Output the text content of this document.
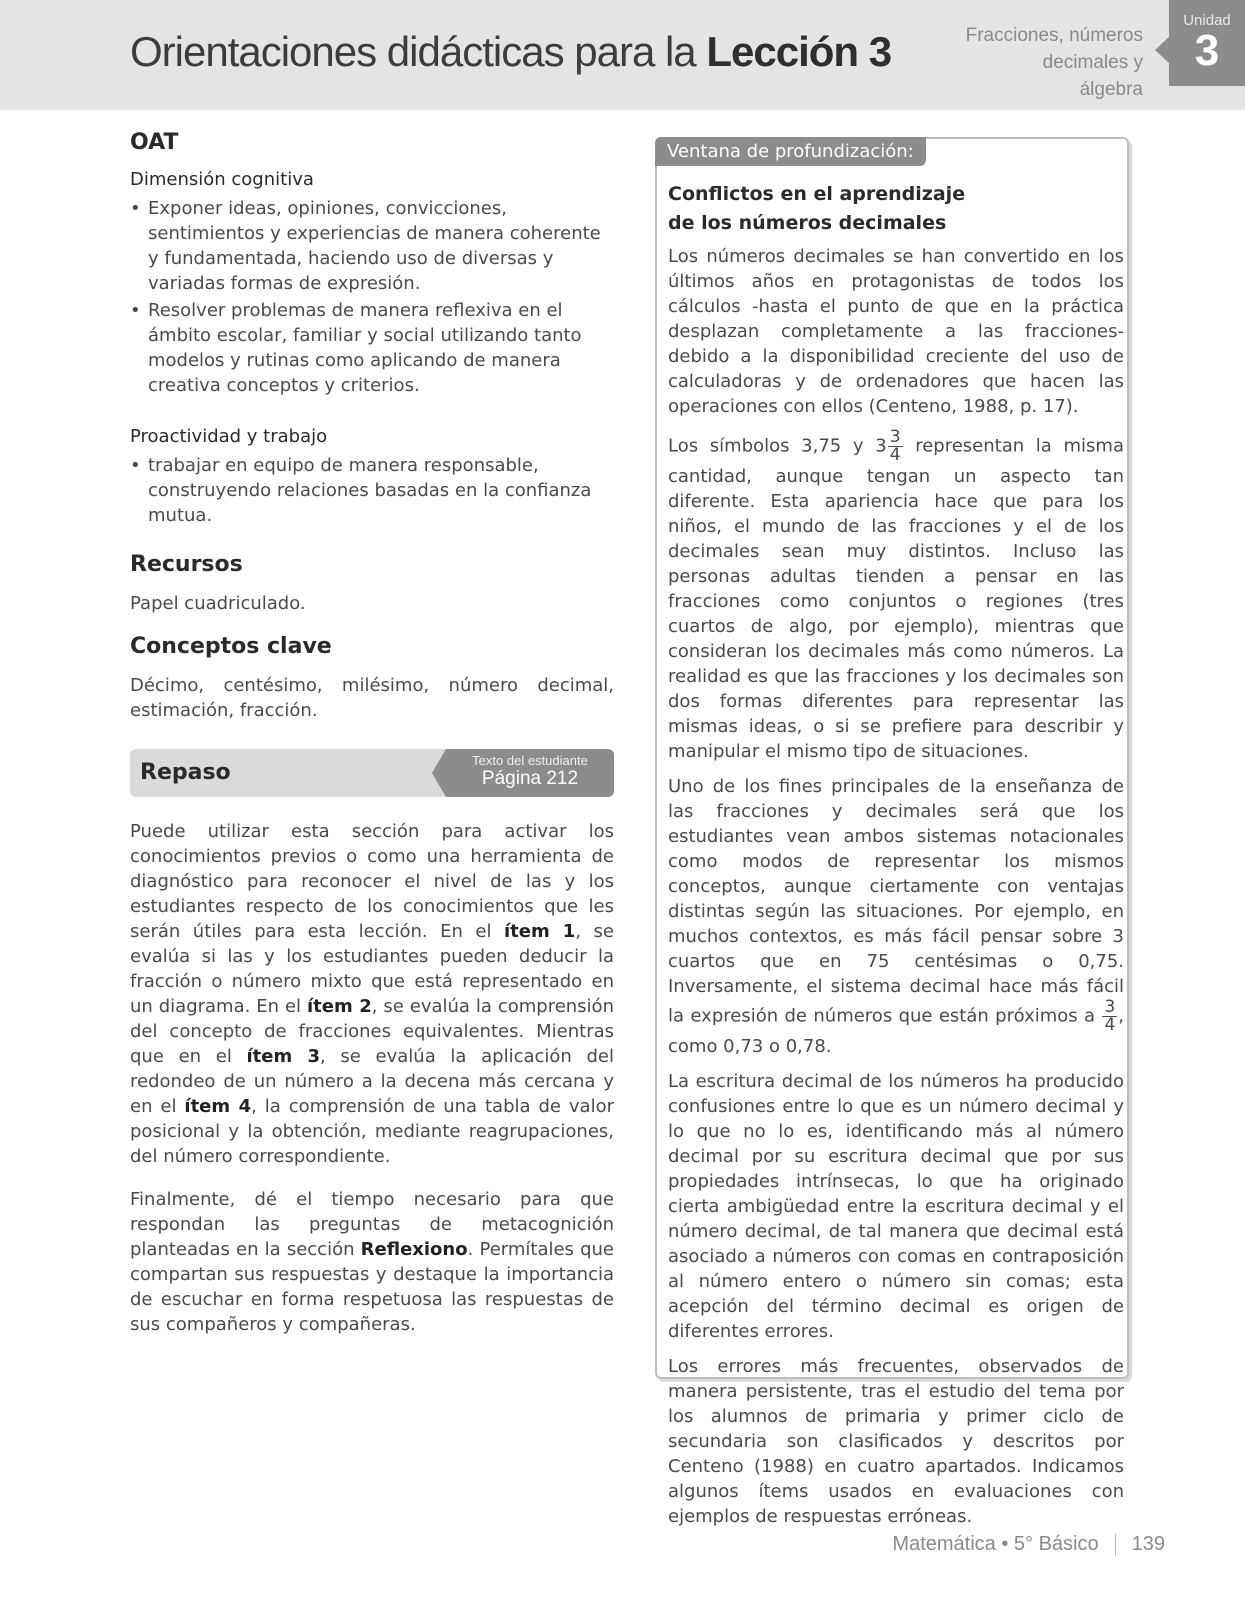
Orientaciones didácticas para la Lección 3	Fracciones, números decimales y
álgebra
Unidad
3
OAT
Dimensión cognitiva
• Exponer ideas, opiniones, convicciones, sentimientos y experiencias de manera coherente y fundamentada, haciendo uso de diversas y variadas formas de expresión.
• Resolver problemas de manera reflexiva en el ámbito escolar, familiar y social utilizando tanto modelos y rutinas como aplicando de manera creativa conceptos y criterios.
Proactividad y trabajo
• trabajar en equipo de manera responsable, construyendo relaciones basadas en la confianza mutua.
Recursos

Papel cuadriculado.

Conceptos clave

Décimo, centésimo, milésimo, número decimal, estimación, fracción.

Repaso	Texto del estudiante
Página 212

Puede utilizar esta sección para activar los conocimientos previos o como una herramienta de diagnóstico para reconocer el nivel de las y los estudiantes respecto de los conocimientos que les serán útiles para esta lección. En el ítem 1, se evalúa si las y los estudiantes pueden deducir la fracción o número mixto que está representado en un diagrama. En el ítem 2, se evalúa la comprensión del concepto de fracciones equivalentes. Mientras que en el ítem 3, se evalúa la aplicación del redondeo de un número a la decena más cercana y en el ítem 4, la comprensión de una tabla de valor posicional y la obtención, mediante reagrupaciones, del número correspondiente.

Finalmente, dé el tiempo necesario para que respondan las preguntas de metacognición planteadas en la sección Reflexiono. Permítales que compartan sus respuestas y destaque la importancia de escuchar en forma respetuosa las respuestas de sus compañeros y compañeras.

Ventana de profundización:
Conflictos en el aprendizaje
de los números decimales

Los números decimales se han convertido en los últimos años en protagonistas de todos los cálculos -hasta el punto de que en la práctica desplazan completamente a las fracciones- debido a la disponibilidad creciente del uso de calculadoras y de ordenadores que hacen las operaciones con ellos (Centeno, 1988, p. 17).

Los símbolos 3,75 y $3 \frac{3}{4}$ representan la misma cantidad, aunque tengan un aspecto tan diferente. Esta apariencia hace que para los niños, el mundo de las fracciones y el de los decimales sean muy distintos. Incluso las personas adultas tienden a pensar en las fracciones como conjuntos o regiones (tres cuartos de algo, por ejemplo), mientras que consideran los decimales más como números. La realidad es que las fracciones y los decimales son dos formas diferentes para representar las mismas ideas, o si se prefiere para describir y manipular el mismo tipo de situaciones.

Uno de los fines principales de la enseñanza de las fracciones y decimales será que los estudiantes vean ambos sistemas notacionales como modos de representar los mismos conceptos, aunque ciertamente con ventajas distintas según las situaciones. Por ejemplo, en muchos contextos, es más fácil pensar sobre 3 cuartos que en 75 centésimas o 0,75. Inversamente, el sistema decimal hace más fácil la expresión de números que están próximos a $\frac{3}{4}$ , como 0,73 o 0,78.

La escritura decimal de los números ha producido confusiones entre lo que es un número decimal y lo que no lo es, identificando más al número decimal por su escritura decimal que por sus propiedades intrínsecas, lo que ha originado cierta ambigüedad entre la escritura decimal y el número decimal, de tal manera que decimal está asociado a números con comas en contraposición al número entero o número sin comas; esta acepción del término decimal es origen de diferentes errores.

Los errores más frecuentes, observados de manera persistente, tras el estudio del tema por los alumnos de primaria y primer ciclo de secundaria son clasificados y descritos por Centeno (1988) en cuatro apartados. Indicamos algunos ítems usados en evaluaciones con ejemplos de respuestas erróneas.

Matemática • 5° Básico 139
